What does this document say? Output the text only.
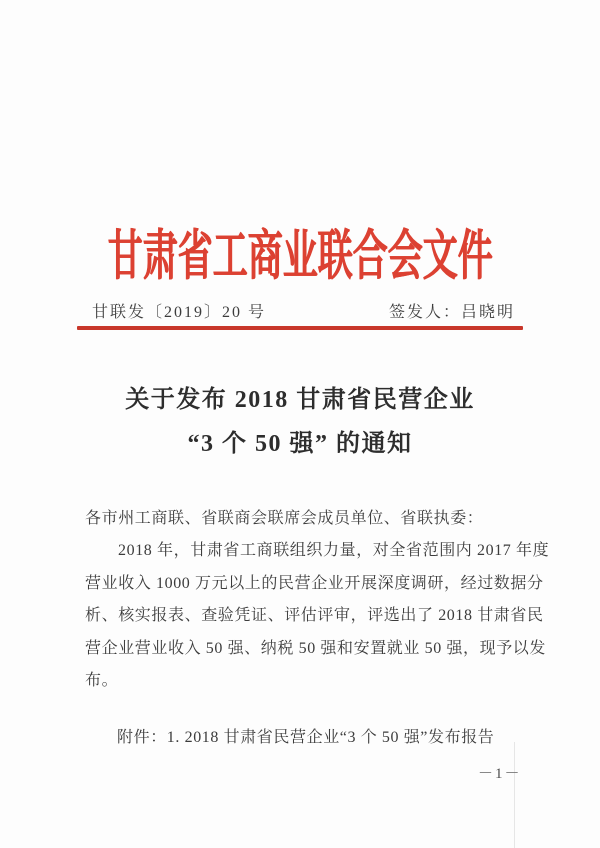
甘肃省工商业联合会文件
甘联发〔2019〕20 号	签发人：吕晓明
关于发布 2018 甘肃省民营企业
“3 个 50 强” 的通知
各市州工商联、省联商会联席会成员单位、省联执委：
2018 年，甘肃省工商联组织力量，对全省范围内 2017 年度
营业收入 1000 万元以上的民营企业开展深度调研，经过数据分
析、核实报表、查验凭证、评估评审，评选出了 2018 甘肃省民
营企业营业收入 50 强、纳税 50 强和安置就业 50 强，现予以发
布。
附件：1. 2018 甘肃省民营企业“3 个 50 强”发布报告
－1－
